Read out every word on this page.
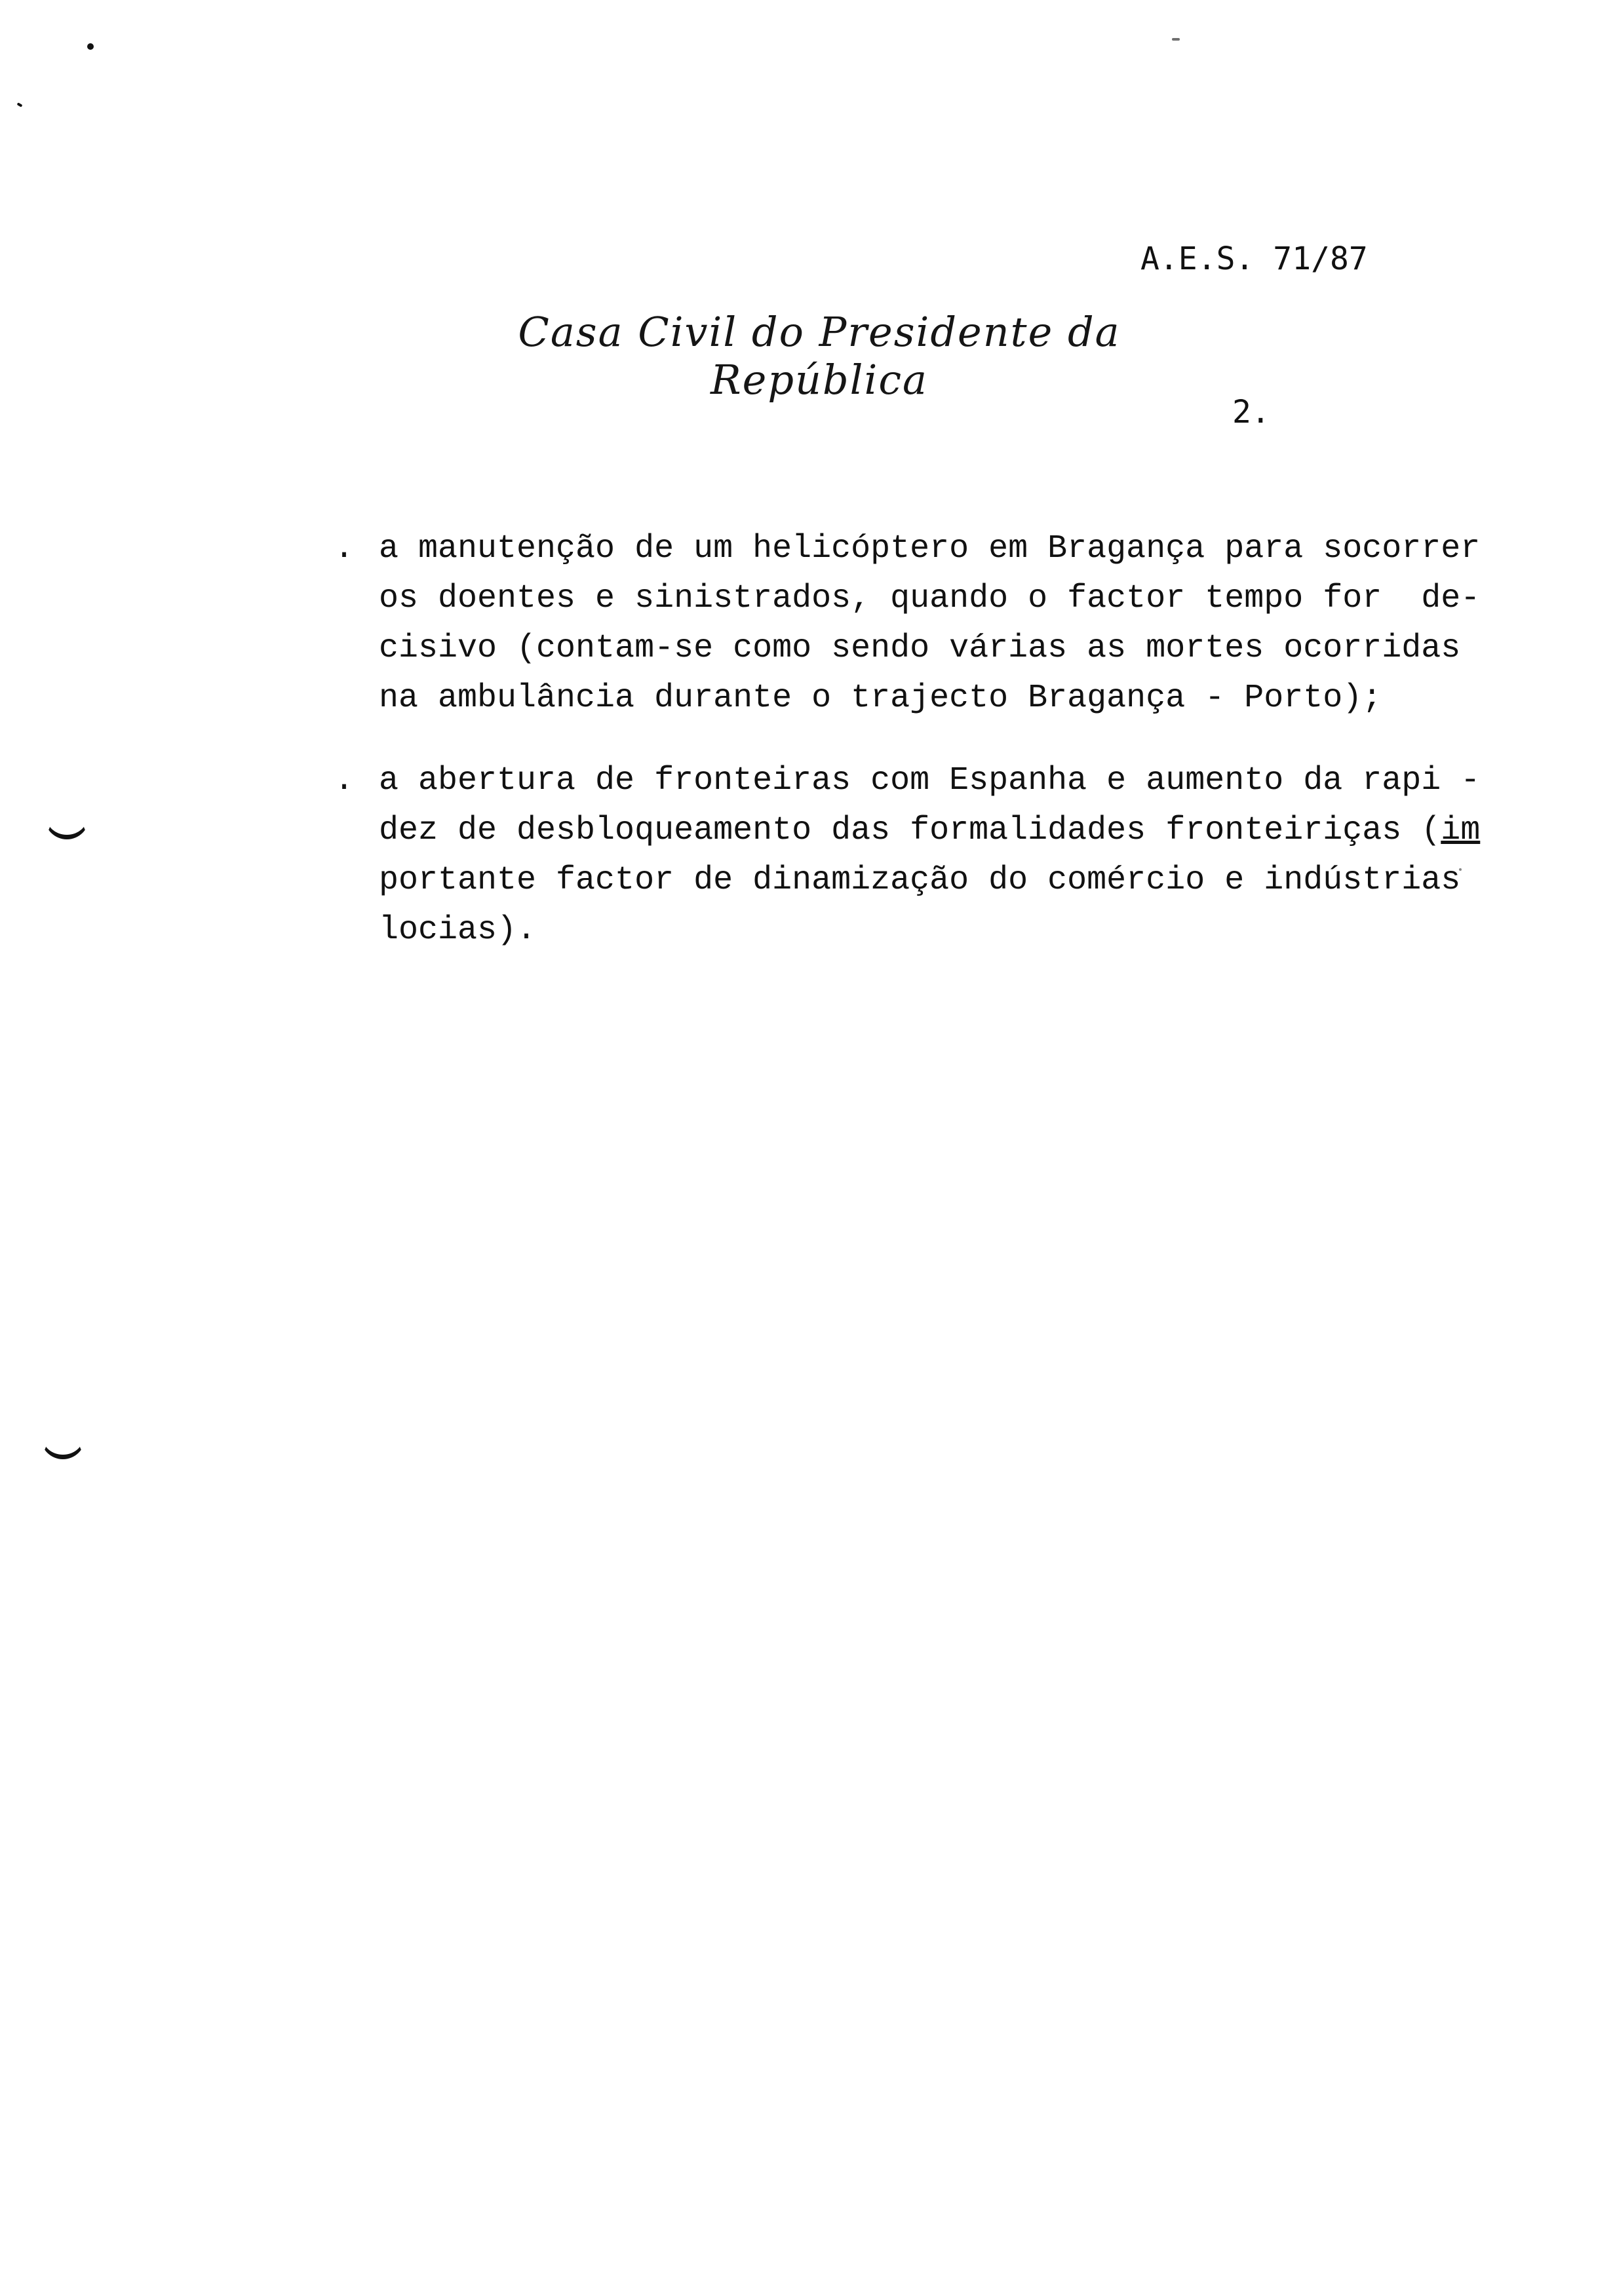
A.E.S. 71/87

2.

Casa Civil do Presidente da República
. a manutenção de um helicóptero em Bragança para socorrer
os doentes e sinistrados, quando o factor tempo for  de-
cisivo (contam-se como sendo várias as mortes ocorridas
na ambulância durante o trajecto Bragança - Porto);
. a abertura de fronteiras com Espanha e aumento da rapi -
dez de desbloqueamento das formalidades fronteiriças (im
portante factor de dinamização do comércio e indústrias
locias).
